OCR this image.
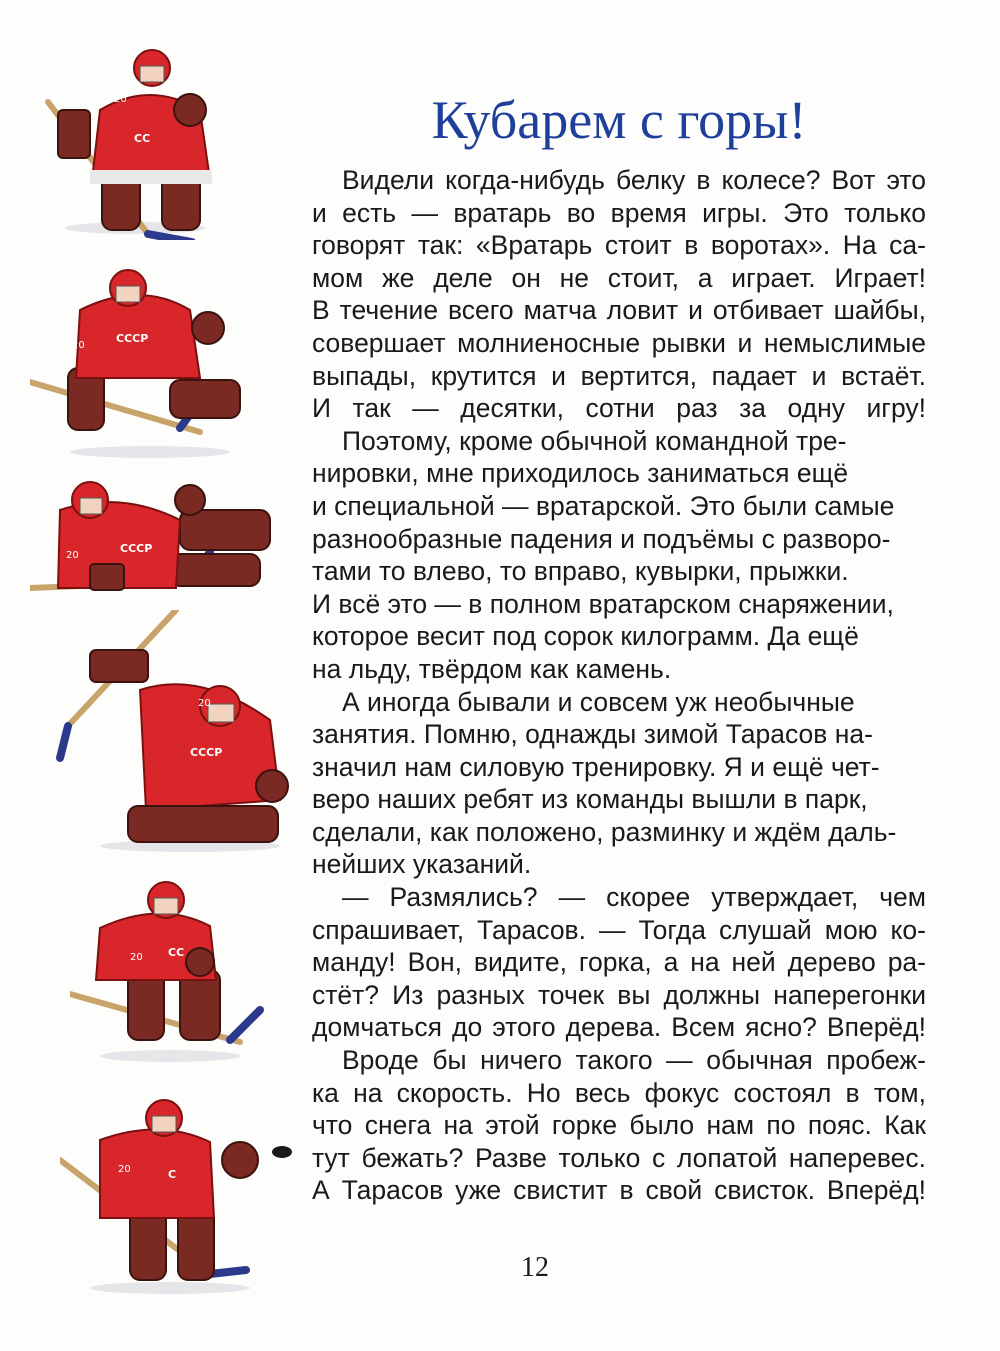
CC
20
СССР
20
СССР
20
СССР
20
СС
20
С
20
Кубарем с горы!

Видели когда-нибудь белку в колесе? Вот это
и есть — вратарь во время игры. Это только
говорят так: «Вратарь стоит в воротах». На са-
мом же деле он не стоит, а играет. Играет!
В течение всего матча ловит и отбивает шайбы,
совершает молниеносные рывки и немыслимые
выпады, крутится и вертится, падает и встаёт.
И так — десятки, сотни раз за одну игру!

Поэтому, кроме обычной командной тре-
нировки, мне приходилось заниматься ещё
и специальной — вратарской. Это были самые
разнообразные падения и подъёмы с разворо-
тами то влево, то вправо, кувырки, прыжки.
И всё это — в полном вратарском снаряжении,
которое весит под сорок килограмм. Да ещё
на льду, твёрдом как камень.

А иногда бывали и совсем уж необычные
занятия. Помню, однажды зимой Тарасов на-
значил нам силовую тренировку. Я и ещё чет-
веро наших ребят из команды вышли в парк,
сделали, как положено, разминку и ждём даль-
нейших указаний.

— Размялись? — скорее утверждает, чем
спрашивает, Тарасов. — Тогда слушай мою ко-
манду! Вон, видите, горка, а на ней дерево ра-
стёт? Из разных точек вы должны наперегонки
домчаться до этого дерева. Всем ясно? Вперёд!

Вроде бы ничего такого — обычная пробеж-
ка на скорость. Но весь фокус состоял в том,
что снега на этой горке было нам по пояс. Как
тут бежать? Разве только с лопатой наперевес.
А Тарасов уже свистит в свой свисток. Вперёд!

12
